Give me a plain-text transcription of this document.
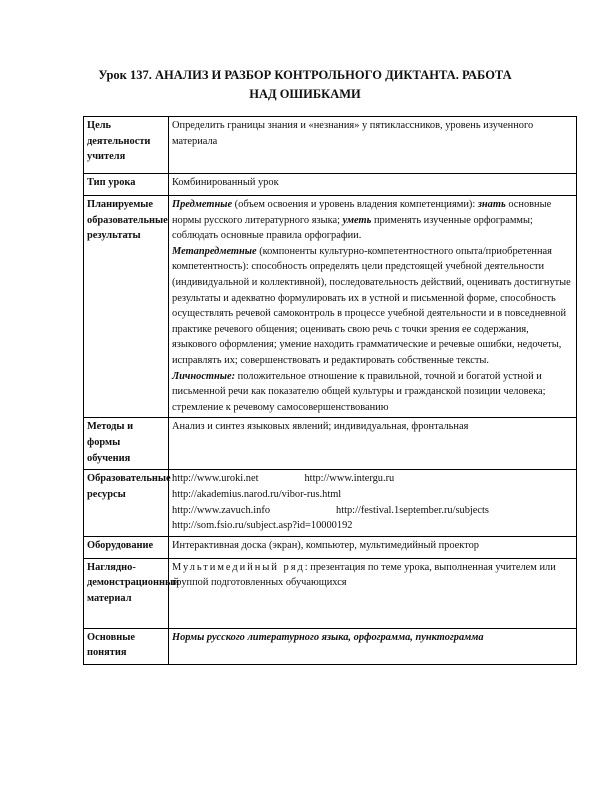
Урок 137. АНАЛИЗ И РАЗБОР КОНТРОЛЬНОГО ДИКТАНТА. РАБОТА
НАД ОШИБКАМИ
Цель деятельности учителя	Определить границы знания и «незнания» у пятиклассников, уровень изученного материала
Тип урока	Комбинированный урок
Планируемые образовательные результаты	Предметные (объем освоения и уровень владения компетенциями): знать основные нормы русского литературного языка; уметь применять изученные орфограммы; соблюдать основные правила орфографии.
Метапредметные (компоненты культурно-компетентностного опыта/приобретенная компетентность): способность определять цели предстоящей учебной деятельности (индивидуальной и коллективной), последовательность действий, оценивать достигнутые результаты и адекватно формулировать их в устной и письменной форме, способность осуществлять речевой самоконтроль в процессе учебной деятельности и в повседневной практике речевого общения; оценивать свою речь с точки зрения ее содержания, языкового оформления; умение находить грамматические и речевые ошибки, недочеты, исправлять их; совершенствовать и редактировать собственные тексты.
Личностные: положительное отношение к правильной, точной и богатой устной и письменной речи как показателю общей культуры и гражданской позиции человека; стремление к речевому самосовершенствованию
Методы и формы обучения	Анализ и синтез языковых явлений; индивидуальная, фронтальная
Образовательные ресурсы	http://www.uroki.net http://www.intergu.ru
http://akademius.narod.ru/vibor-rus.html
http://www.zavuch.info http://festival.1september.ru/subjects
http://som.fsio.ru/subject.asp?id=10000192

Оборудование	Интерактивная доска (экран), компьютер, мультимедийный проектор
Наглядно-демонстрационный материал	Мультимедийный ряд: презентация по теме урока, выполненная учителем или группой подготовленных обучающихся
Основные понятия	Нормы русского литературного языка, орфограмма, пунктограмма
